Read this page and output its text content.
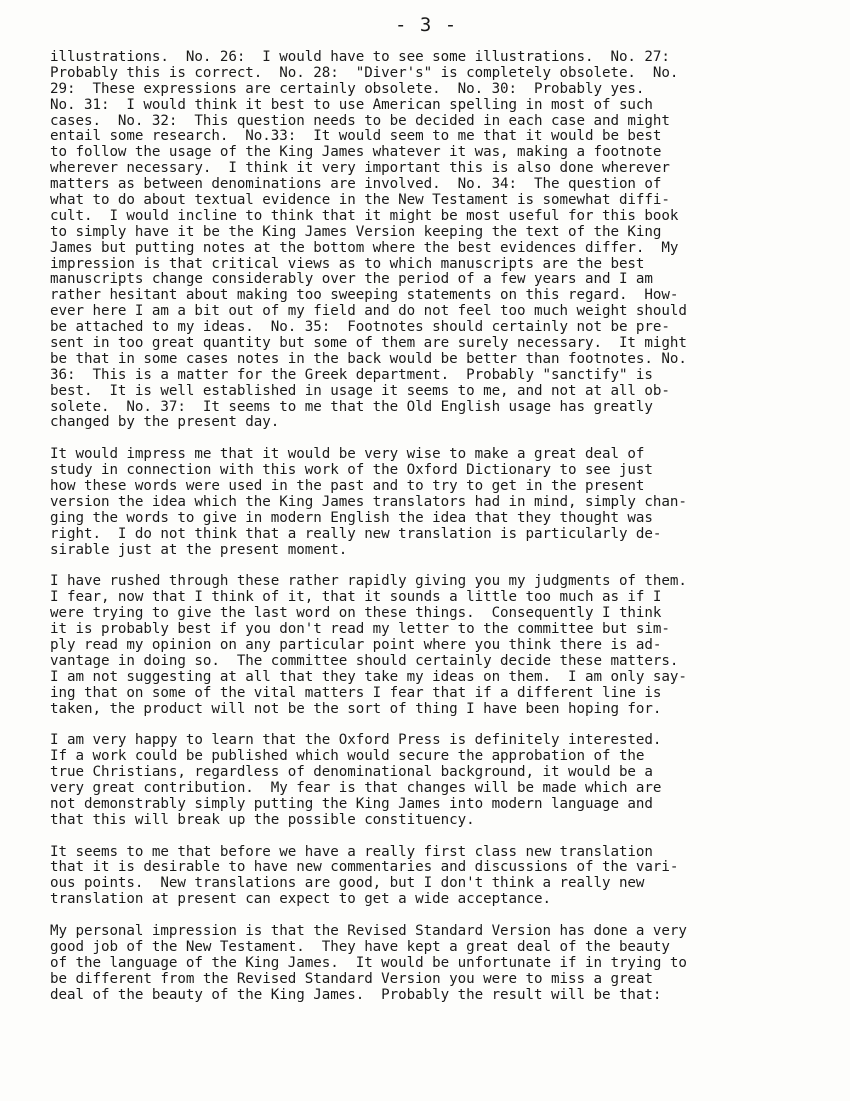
- 3 -
illustrations.  No. 26:  I would have to see some illustrations.  No. 27:
Probably this is correct.  No. 28:  "Diver's" is completely obsolete.  No.
29:  These expressions are certainly obsolete.  No. 30:  Probably yes.
No. 31:  I would think it best to use American spelling in most of such
cases.  No. 32:  This question needs to be decided in each case and might
entail some research.  No.33:  It would seem to me that it would be best
to follow the usage of the King James whatever it was, making a footnote
wherever necessary.  I think it very important this is also done wherever
matters as between denominations are involved.  No. 34:  The question of
what to do about textual evidence in the New Testament is somewhat diffi-
cult.  I would incline to think that it might be most useful for this book
to simply have it be the King James Version keeping the text of the King
James but putting notes at the bottom where the best evidences differ.  My
impression is that critical views as to which manuscripts are the best
manuscripts change considerably over the period of a few years and I am
rather hesitant about making too sweeping statements on this regard.  How-
ever here I am a bit out of my field and do not feel too much weight should
be attached to my ideas.  No. 35:  Footnotes should certainly not be pre-
sent in too great quantity but some of them are surely necessary.  It might
be that in some cases notes in the back would be better than footnotes. No.
36:  This is a matter for the Greek department.  Probably "sanctify" is
best.  It is well established in usage it seems to me, and not at all ob-
solete.  No. 37:  It seems to me that the Old English usage has greatly
changed by the present day.
It would impress me that it would be very wise to make a great deal of
study in connection with this work of the Oxford Dictionary to see just
how these words were used in the past and to try to get in the present
version the idea which the King James translators had in mind, simply chan-
ging the words to give in modern English the idea that they thought was
right.  I do not think that a really new translation is particularly de-
sirable just at the present moment.
I have rushed through these rather rapidly giving you my judgments of them.
I fear, now that I think of it, that it sounds a little too much as if I
were trying to give the last word on these things.  Consequently I think
it is probably best if you don't read my letter to the committee but sim-
ply read my opinion on any particular point where you think there is ad-
vantage in doing so.  The committee should certainly decide these matters.
I am not suggesting at all that they take my ideas on them.  I am only say-
ing that on some of the vital matters I fear that if a different line is
taken, the product will not be the sort of thing I have been hoping for.
I am very happy to learn that the Oxford Press is definitely interested.
If a work could be published which would secure the approbation of the
true Christians, regardless of denominational background, it would be a
very great contribution.  My fear is that changes will be made which are
not demonstrably simply putting the King James into modern language and
that this will break up the possible constituency.
It seems to me that before we have a really first class new translation
that it is desirable to have new commentaries and discussions of the vari-
ous points.  New translations are good, but I don't think a really new
translation at present can expect to get a wide acceptance.
My personal impression is that the Revised Standard Version has done a very
good job of the New Testament.  They have kept a great deal of the beauty
of the language of the King James.  It would be unfortunate if in trying to
be different from the Revised Standard Version you were to miss a great
deal of the beauty of the King James.  Probably the result will be that:
